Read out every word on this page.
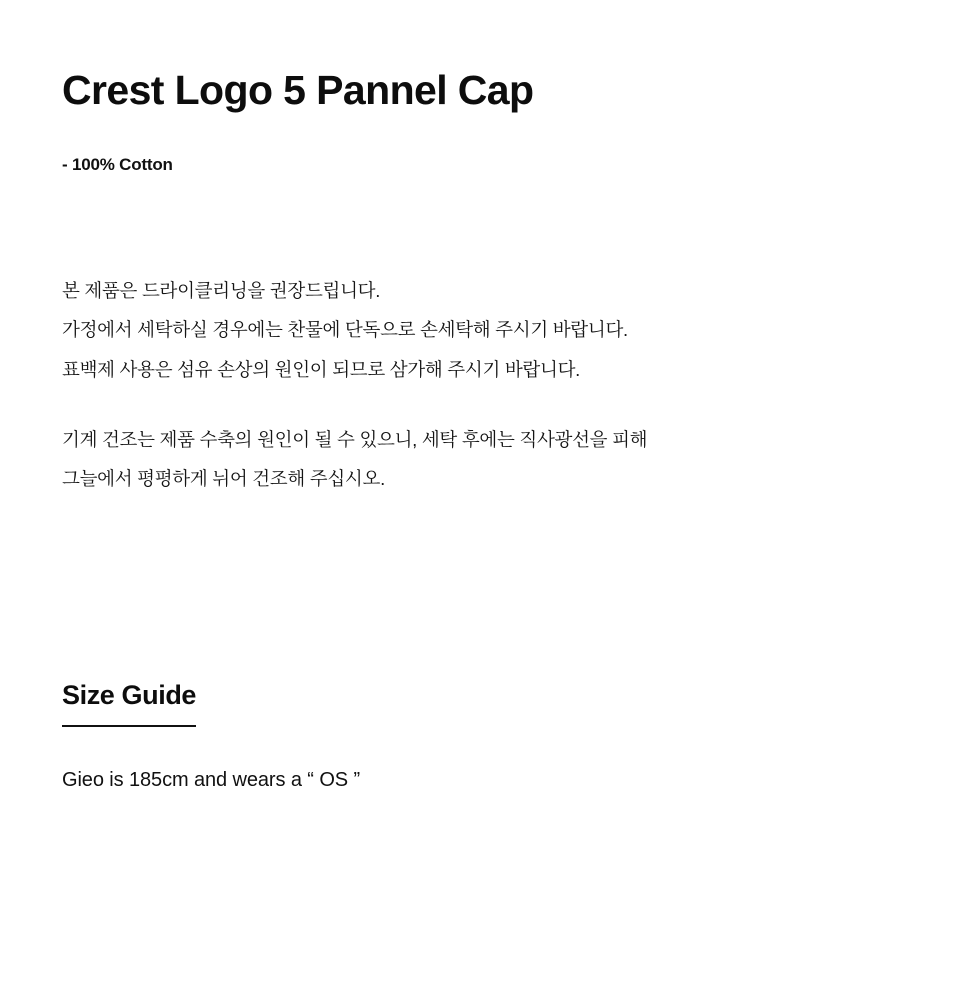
Crest Logo 5 Pannel Cap

- 100% Cotton

본 제품은 드라이클리닝을 권장드립니다.

가정에서 세탁하실 경우에는 찬물에 단독으로 손세탁해 주시기 바랍니다.

표백제 사용은 섬유 손상의 원인이 되므로 삼가해 주시기 바랍니다.

기계 건조는 제품 수축의 원인이 될 수 있으니, 세탁 후에는 직사광선을 피해

그늘에서 평평하게 뉘어 건조해 주십시오.

Size Guide

Gieo is 185cm and wears a “ OS ”
